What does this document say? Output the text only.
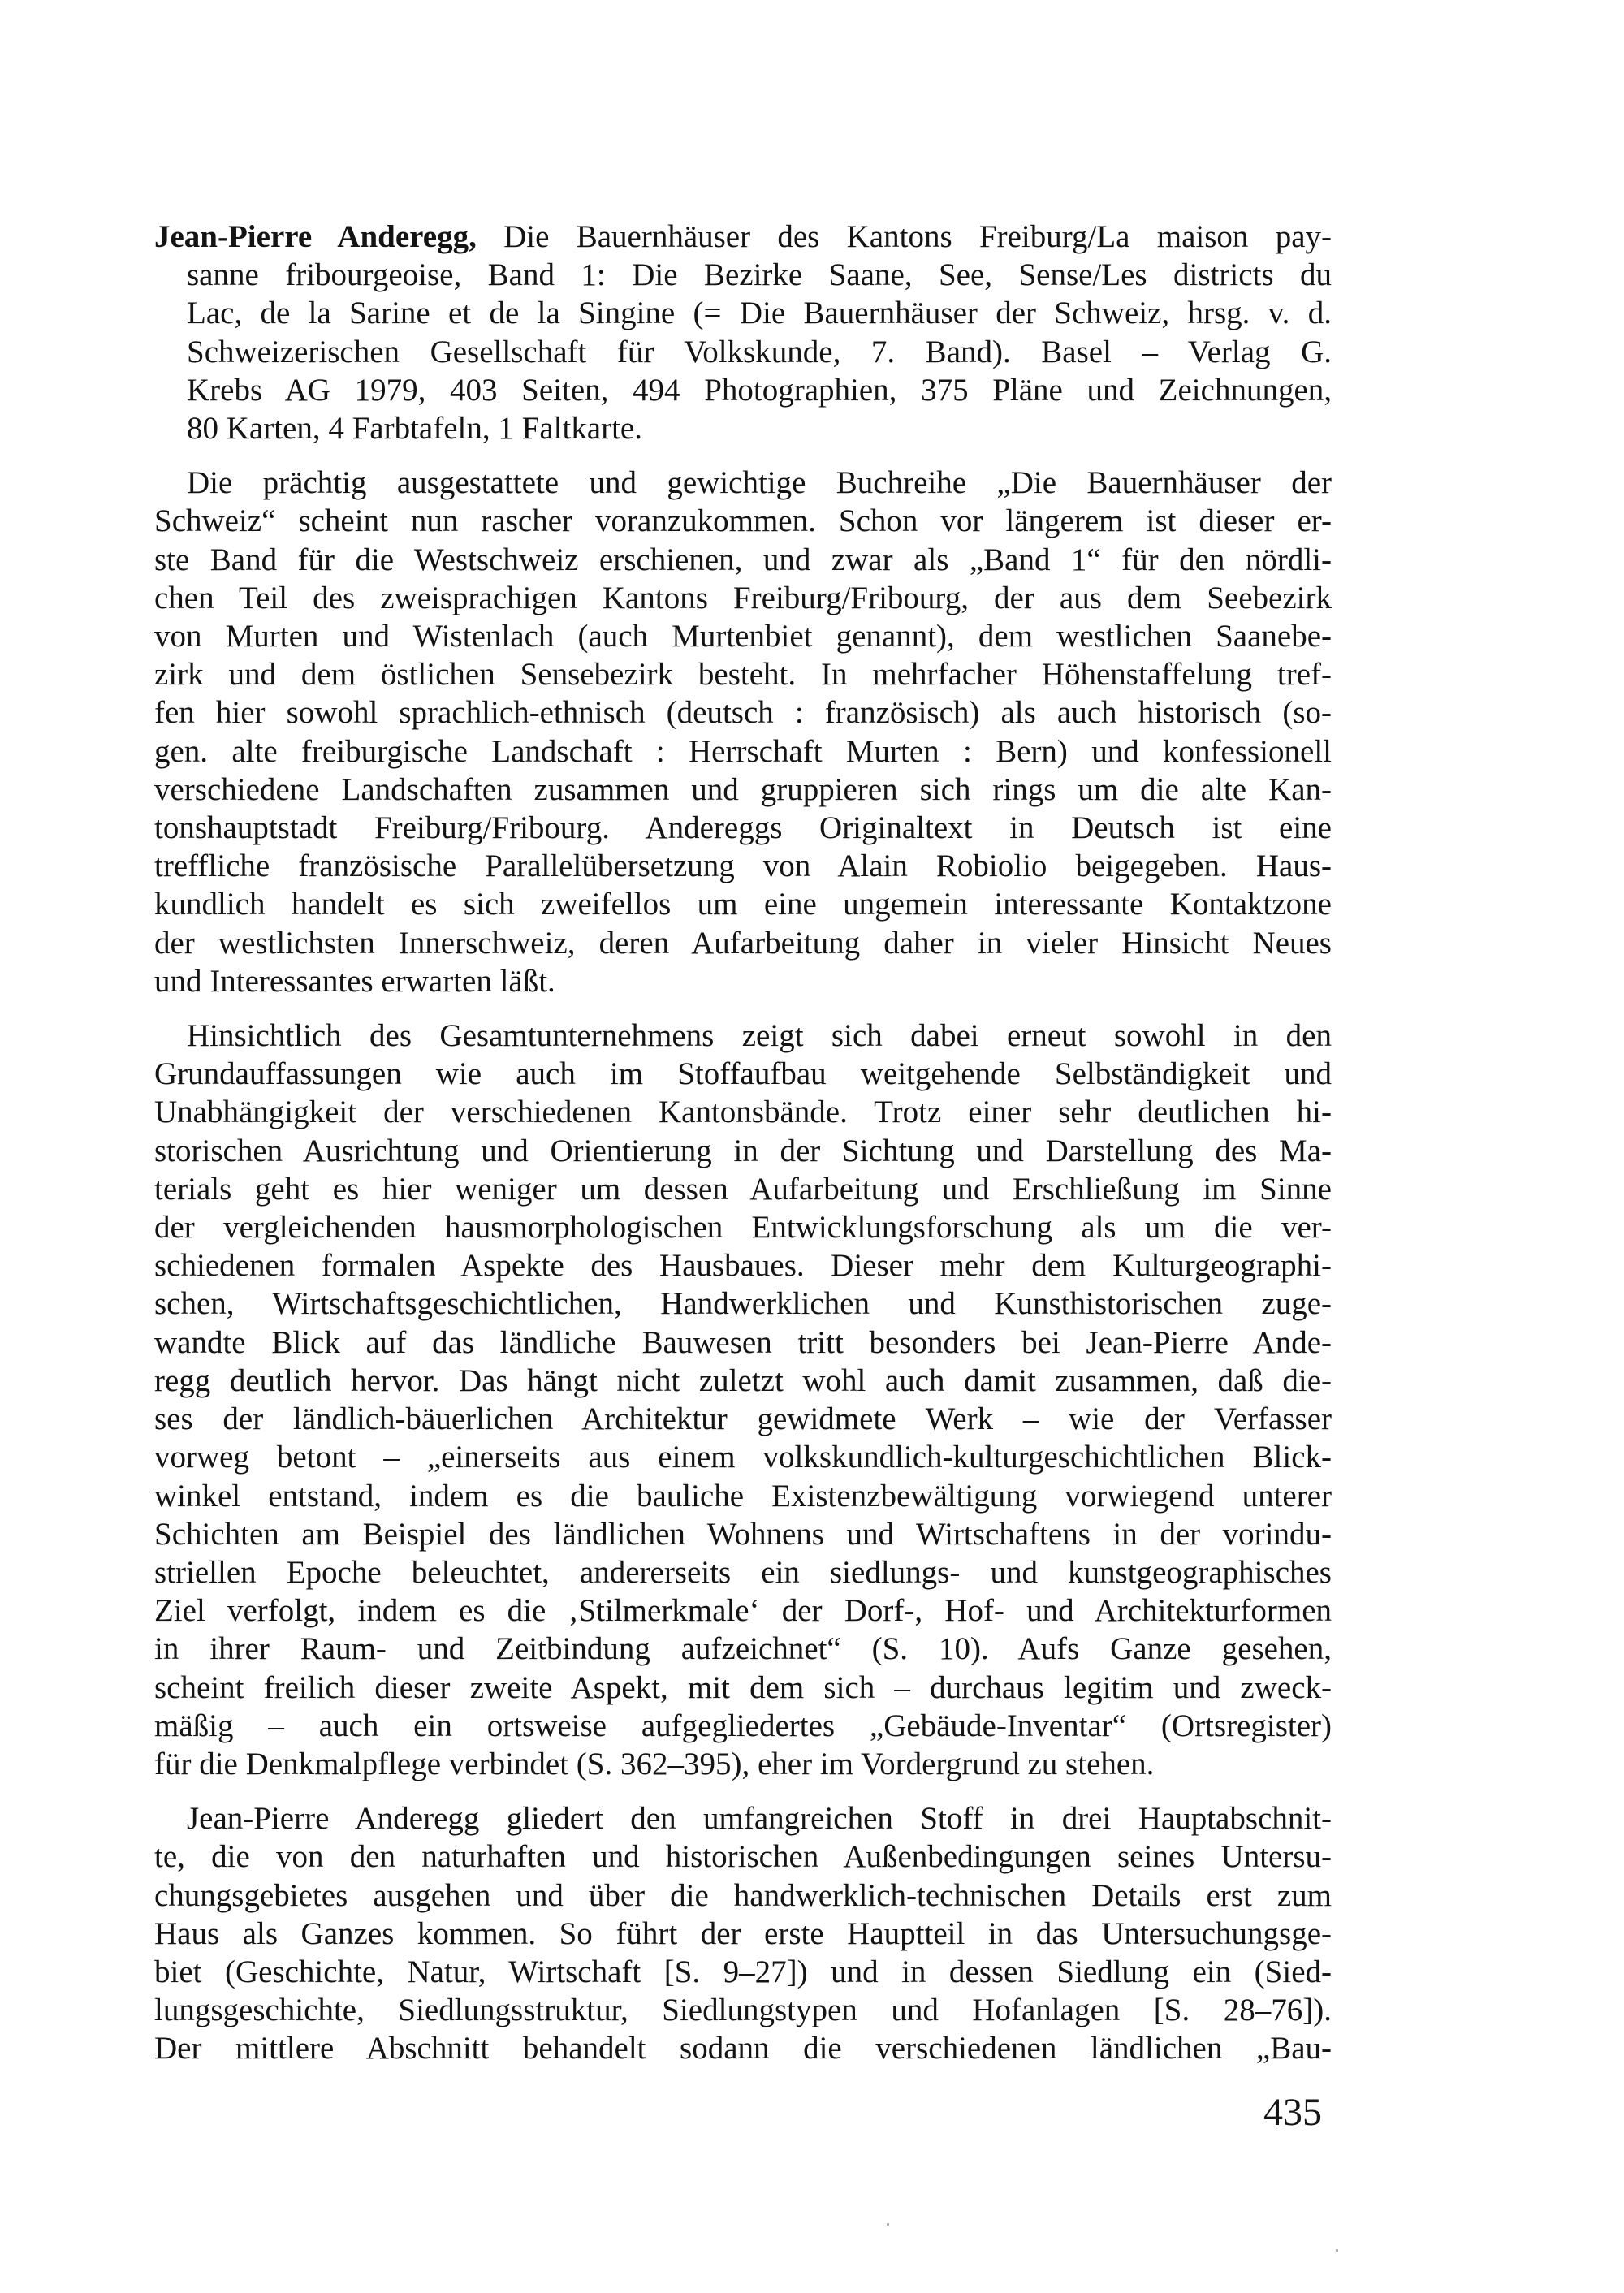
Jean-Pierre Anderegg, Die Bauernhäuser des Kantons Freiburg/La maison pay-
sanne fribourgeoise, Band 1: Die Bezirke Saane, See, Sense/Les districts du
Lac, de la Sarine et de la Singine (= Die Bauernhäuser der Schweiz, hrsg. v. d.
Schweizerischen Gesellschaft für Volkskunde, 7. Band). Basel – Verlag G.
Krebs AG 1979, 403 Seiten, 494 Photographien, 375 Pläne und Zeichnungen,
80 Karten, 4 Farbtafeln, 1 Faltkarte.

Die prächtig ausgestattete und gewichtige Buchreihe „Die Bauernhäuser der
Schweiz“ scheint nun rascher voranzukommen. Schon vor längerem ist dieser er-
ste Band für die Westschweiz erschienen, und zwar als „Band 1“ für den nördli-
chen Teil des zweisprachigen Kantons Freiburg/Fribourg, der aus dem Seebezirk
von Murten und Wistenlach (auch Murtenbiet genannt), dem westlichen Saanebe-
zirk und dem östlichen Sensebezirk besteht. In mehrfacher Höhenstaffelung tref-
fen hier sowohl sprachlich-ethnisch (deutsch : französisch) als auch historisch (so-
gen. alte freiburgische Landschaft : Herrschaft Murten : Bern) und konfessionell
verschiedene Landschaften zusammen und gruppieren sich rings um die alte Kan-
tonshauptstadt Freiburg/Fribourg. Andereggs Originaltext in Deutsch ist eine
treffliche französische Parallelübersetzung von Alain Robiolio beigegeben. Haus-
kundlich handelt es sich zweifellos um eine ungemein interessante Kontaktzone
der westlichsten Innerschweiz, deren Aufarbeitung daher in vieler Hinsicht Neues
und Interessantes erwarten läßt.

Hinsichtlich des Gesamtunternehmens zeigt sich dabei erneut sowohl in den
Grundauffassungen wie auch im Stoffaufbau weitgehende Selbständigkeit und
Unabhängigkeit der verschiedenen Kantonsbände. Trotz einer sehr deutlichen hi-
storischen Ausrichtung und Orientierung in der Sichtung und Darstellung des Ma-
terials geht es hier weniger um dessen Aufarbeitung und Erschließung im Sinne
der vergleichenden hausmorphologischen Entwicklungsforschung als um die ver-
schiedenen formalen Aspekte des Hausbaues. Dieser mehr dem Kulturgeographi-
schen, Wirtschaftsgeschichtlichen, Handwerklichen und Kunsthistorischen zuge-
wandte Blick auf das ländliche Bauwesen tritt besonders bei Jean-Pierre Ande-
regg deutlich hervor. Das hängt nicht zuletzt wohl auch damit zusammen, daß die-
ses der ländlich-bäuerlichen Architektur gewidmete Werk – wie der Verfasser
vorweg betont – „einerseits aus einem volkskundlich-kulturgeschichtlichen Blick-
winkel entstand, indem es die bauliche Existenzbewältigung vorwiegend unterer
Schichten am Beispiel des ländlichen Wohnens und Wirtschaftens in der vorindu-
striellen Epoche beleuchtet, andererseits ein siedlungs- und kunstgeographisches
Ziel verfolgt, indem es die ‚Stilmerkmale‘ der Dorf-, Hof- und Architekturformen
in ihrer Raum- und Zeitbindung aufzeichnet“ (S. 10). Aufs Ganze gesehen,
scheint freilich dieser zweite Aspekt, mit dem sich – durchaus legitim und zweck-
mäßig – auch ein ortsweise aufgegliedertes „Gebäude-Inventar“ (Ortsregister)
für die Denkmalpflege verbindet (S. 362–395), eher im Vordergrund zu stehen.

Jean-Pierre Anderegg gliedert den umfangreichen Stoff in drei Hauptabschnit-
te, die von den naturhaften und historischen Außenbedingungen seines Untersu-
chungsgebietes ausgehen und über die handwerklich-technischen Details erst zum
Haus als Ganzes kommen. So führt der erste Hauptteil in das Untersuchungsge-
biet (Geschichte, Natur, Wirtschaft [S. 9–27]) und in dessen Siedlung ein (Sied-
lungsgeschichte, Siedlungsstruktur, Siedlungstypen und Hofanlagen [S. 28–76]).
Der mittlere Abschnitt behandelt sodann die verschiedenen ländlichen „Bau-

435
